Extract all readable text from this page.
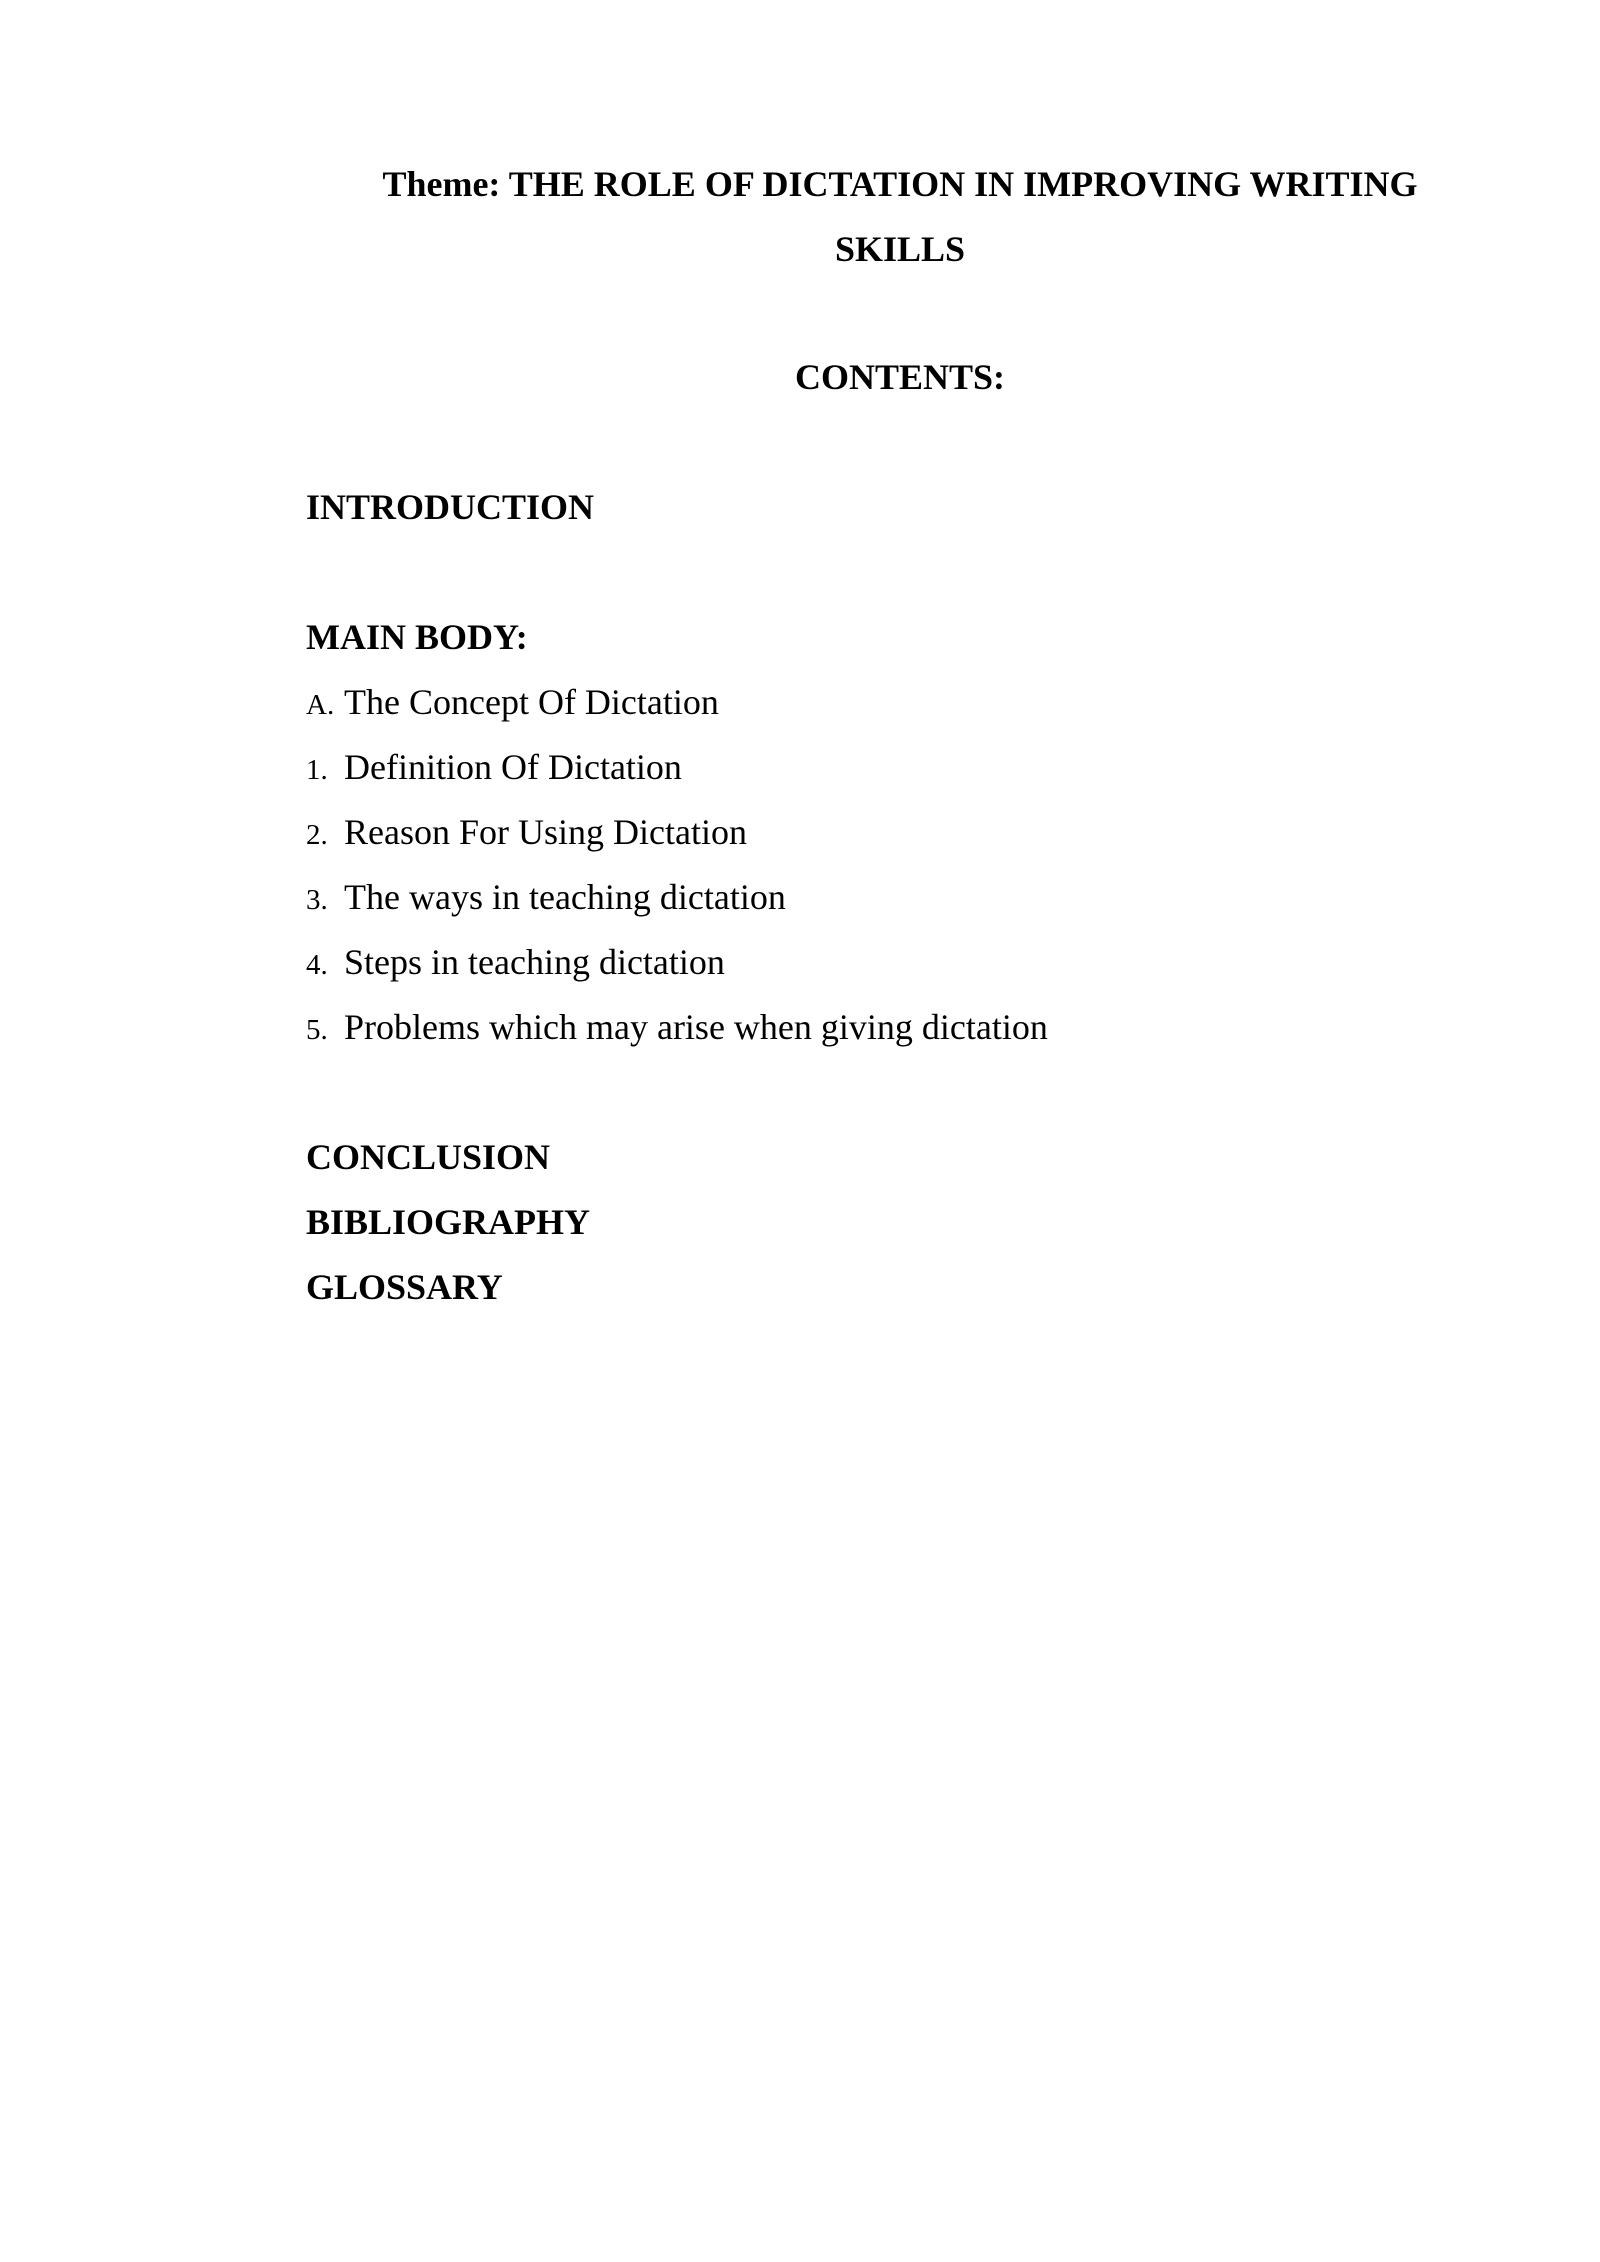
Theme: THE ROLE OF DICTATION IN IMPROVING WRITING
SKILLS
CONTENTS:
INTRODUCTION
MAIN BODY:
A. The Concept Of Dictation
1. Definition Of Dictation
2. Reason For Using Dictation
3. The ways in teaching dictation
4. Steps in teaching dictation
5. Problems which may arise when giving dictation
CONCLUSION
BIBLIOGRAPHY
GLOSSARY
